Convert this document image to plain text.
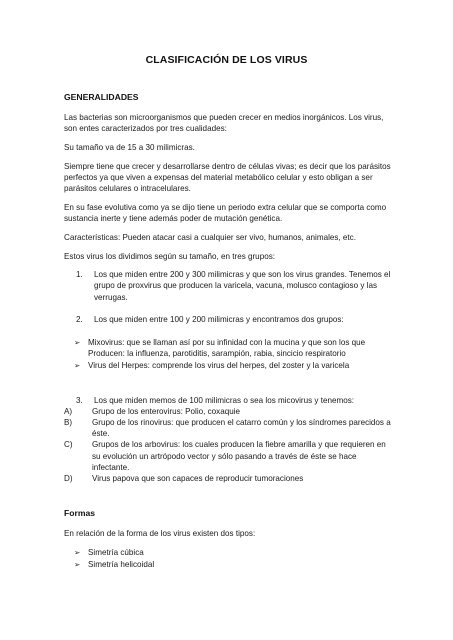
CLASIFICACIÓN DE LOS VIRUS
GENERALIDADES

Las bacterias son microorganismos que pueden crecer en medios inorgánicos. Los virus, son entes caracterizados por tres cualidades:

Su tamaño va de 15 a 30 milimicras.

Siempre tiene que crecer y desarrollarse dentro de células vivas; es decir que los parásitos perfectos ya que viven a expensas del material metabólico celular y esto obligan a ser parásitos celulares o intracelulares.

En su fase evolutiva como ya se dijo tiene un periodo extra celular que se comporta como sustancia inerte y tiene además poder de mutación genética.

Características: Pueden atacar casi a cualquier ser vivo, humanos, animales, etc.

Estos virus los dividimos según su tamaño, en tres grupos:

1. Los que miden entre 200 y 300 milimicras y que son los virus grandes. Tenemos el grupo de proxvirus que producen la varicela, vacuna, molusco contagioso y las verrugas.
2. Los que miden entre 100 y 200 milimicras y encontramos dos grupos:
➢ Mixovirus: que se llaman así por su infinidad con la mucina y que son los que Producen: la influenza, parotiditis, sarampión, rabia, sincicio respiratorio
➢ Virus del Herpes: comprende los virus del herpes, del zoster y la varicela
3. Los que miden memos de 100 milimicras o sea los micovirus y tenemos:
A) Grupo de los enterovirus: Polio, coxaquie
B) Grupo de los rinovirus: que producen el catarro común y los síndromes parecidos a éste.
C) Grupos de los arbovirus: los cuales producen la fiebre amarilla y que requieren en su evolución un artrópodo vector y sólo pasando a través de éste se hace infectante.
D) Virus papova que son capaces de reproducir tumoraciones
Formas

En relación de la forma de los virus existen dos tipos:

➢ Simetría cúbica
➢ Simetría helicoidal
